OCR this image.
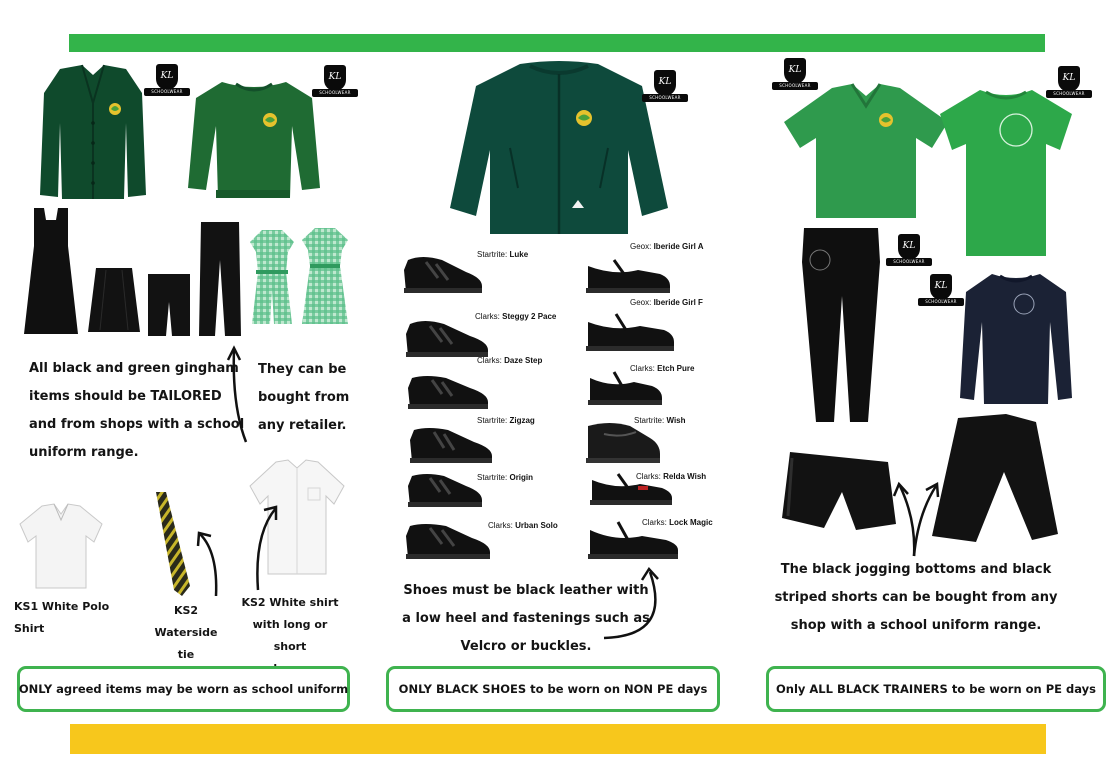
KL
SCHOOLWEAR
KL
SCHOOLWEAR
All black and green gingham
items should be TAILORED
and from shops with a school
uniform range.
They can be
bought from
any retailer.
KS1 White Polo Shirt
KS2
Waterside tie
KS2 White shirt
with long or short
ONLY agreed items may be worn as school uniform
KL
SCHOOLWEAR
Startrite: Luke
Geox: Iberide Girl A
Clarks: Steggy 2 Pace
Geox: Iberide Girl F
Clarks: Daze Step
Clarks: Etch Pure
Startrite: Zigzag	Startrite: Wish
Startrite: Origin	Clarks: Relda Wish
Clarks: Urban Solo	Clarks: Lock Magic
Shoes must be black leather with
a low heel and fastenings such as
Velcro or buckles.
ONLY BLACK SHOES to be worn on NON PE days
KL
SCHOOLWEAR
KL
SCHOOLWEAR
KL
SCHOOLWEAR
KL
SCHOOLWEAR
The black jogging bottoms and black
striped shorts can be bought from any
shop with a school uniform range.
Only ALL BLACK TRAINERS to be worn on PE days
